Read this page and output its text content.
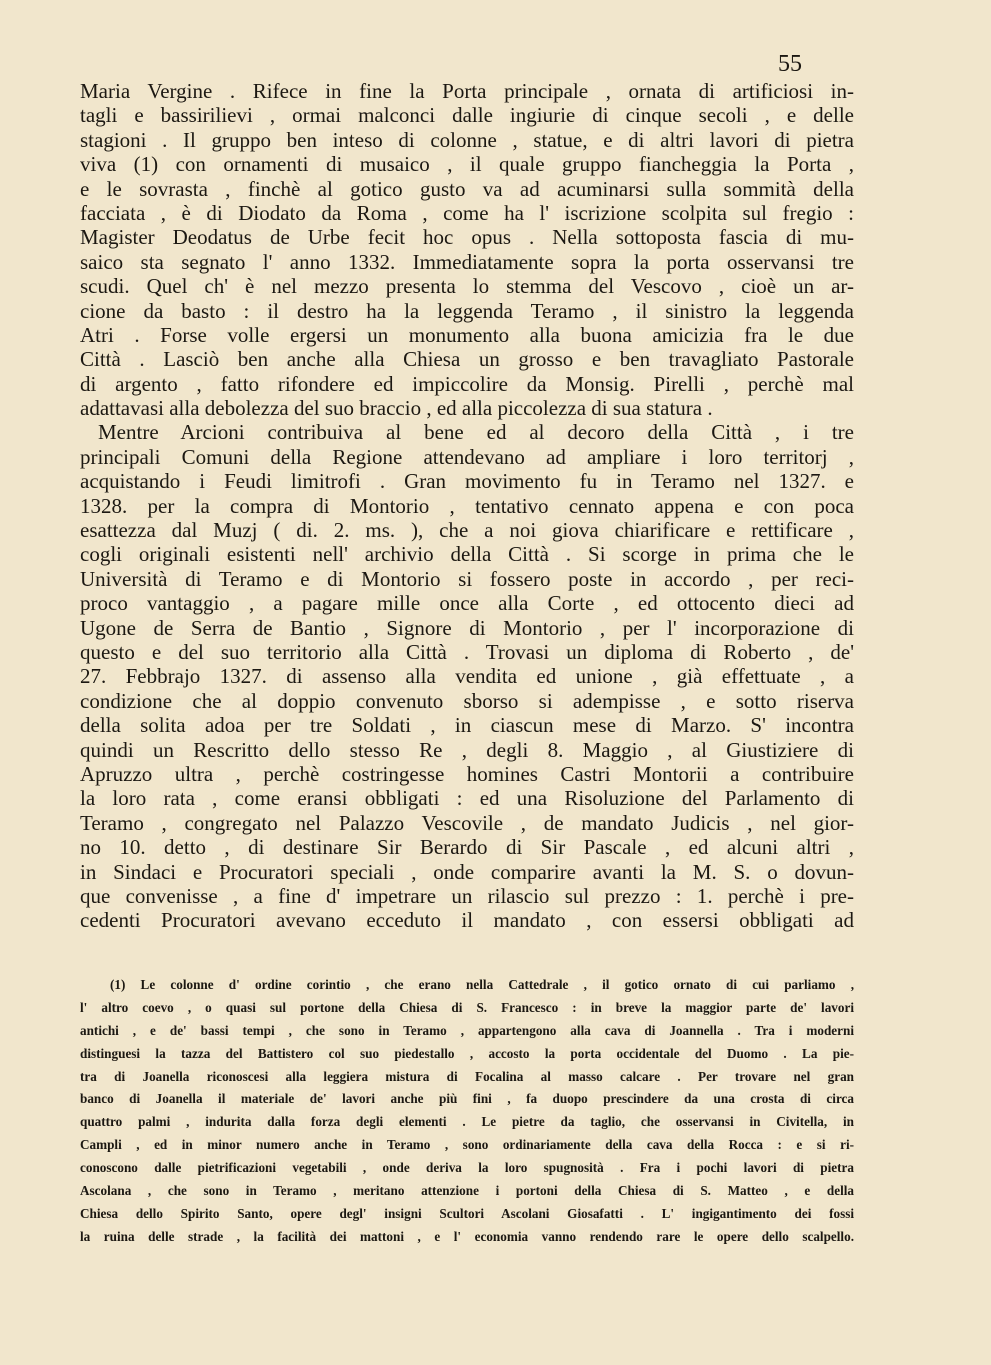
55
Maria Vergine . Rifece in fine la Porta principale , ornata di artificiosi in-
tagli e bassirilievi , ormai malconci dalle ingiurie di cinque secoli , e delle
stagioni . Il gruppo ben inteso di colonne , statue, e di altri lavori di pietra
viva (1) con ornamenti di musaico , il quale gruppo fiancheggia la Porta ,
e le sovrasta , finchè al gotico gusto va ad acuminarsi sulla sommità della
facciata , è di Diodato da Roma , come ha l' iscrizione scolpita sul fregio :
Magister Deodatus de Urbe fecit hoc opus . Nella sottoposta fascia di mu-
saico sta segnato l' anno 1332. Immediatamente sopra la porta osservansi tre
scudi. Quel ch' è nel mezzo presenta lo stemma del Vescovo , cioè un ar-
cione da basto : il destro ha la leggenda Teramo , il sinistro la leggenda
Atri . Forse volle ergersi un monumento alla buona amicizia fra le due
Città . Lasciò ben anche alla Chiesa un grosso e ben travagliato Pastorale
di argento , fatto rifondere ed impiccolire da Monsig. Pirelli , perchè mal
adattavasi alla debolezza del suo braccio , ed alla piccolezza di sua statura .
Mentre Arcioni contribuiva al bene ed al decoro della Città , i tre
principali Comuni della Regione attendevano ad ampliare i loro territorj ,
acquistando i Feudi limitrofi . Gran movimento fu in Teramo nel 1327. e
1328. per la compra di Montorio , tentativo cennato appena e con poca
esattezza dal Muzj ( di. 2. ms. ), che a noi giova chiarificare e rettificare ,
cogli originali esistenti nell' archivio della Città . Si scorge in prima che le
Università di Teramo e di Montorio si fossero poste in accordo , per reci-
proco vantaggio , a pagare mille once alla Corte , ed ottocento dieci ad
Ugone de Serra de Bantio , Signore di Montorio , per l' incorporazione di
questo e del suo territorio alla Città . Trovasi un diploma di Roberto , de'
27. Febbrajo 1327. di assenso alla vendita ed unione , già effettuate , a
condizione che al doppio convenuto sborso si adempisse , e sotto riserva
della solita adoa per tre Soldati , in ciascun mese di Marzo. S' incontra
quindi un Rescritto dello stesso Re , degli 8. Maggio , al Giustiziere di
Apruzzo ultra , perchè costringesse homines Castri Montorii a contribuire
la loro rata , come eransi obbligati : ed una Risoluzione del Parlamento di
Teramo , congregato nel Palazzo Vescovile , de mandato Judicis , nel gior-
no 10. detto , di destinare Sir Berardo di Sir Pascale , ed alcuni altri ,
in Sindaci e Procuratori speciali , onde comparire avanti la M. S. o dovun-
que convenisse , a fine d' impetrare un rilascio sul prezzo : 1. perchè i pre-
cedenti Procuratori avevano ecceduto il mandato , con essersi obbligati ad
(1) Le colonne d' ordine corintio , che erano nella Cattedrale , il gotico ornato di cui parliamo ,
l' altro coevo , o quasi sul portone della Chiesa di S. Francesco : in breve la maggior parte de' lavori
antichi , e de' bassi tempi , che sono in Teramo , appartengono alla cava di Joannella . Tra i moderni
distinguesi la tazza del Battistero col suo piedestallo , accosto la porta occidentale del Duomo . La pie-
tra di Joanella riconoscesi alla leggiera mistura di Focalina al masso calcare . Per trovare nel gran
banco di Joanella il materiale de' lavori anche più fini , fa duopo prescindere da una crosta di circa
quattro palmi , indurita dalla forza degli elementi . Le pietre da taglio, che osservansi in Civitella, in
Campli , ed in minor numero anche in Teramo , sono ordinariamente della cava della Rocca : e si ri-
conoscono dalle pietrificazioni vegetabili , onde deriva la loro spugnosità . Fra i pochi lavori di pietra
Ascolana , che sono in Teramo , meritano attenzione i portoni della Chiesa di S. Matteo , e della
Chiesa dello Spirito Santo, opere degl' insigni Scultori Ascolani Giosafatti . L' ingigantimento dei fossi
la ruina delle strade , la facilità dei mattoni , e l' economia vanno rendendo rare le opere dello scalpello.
